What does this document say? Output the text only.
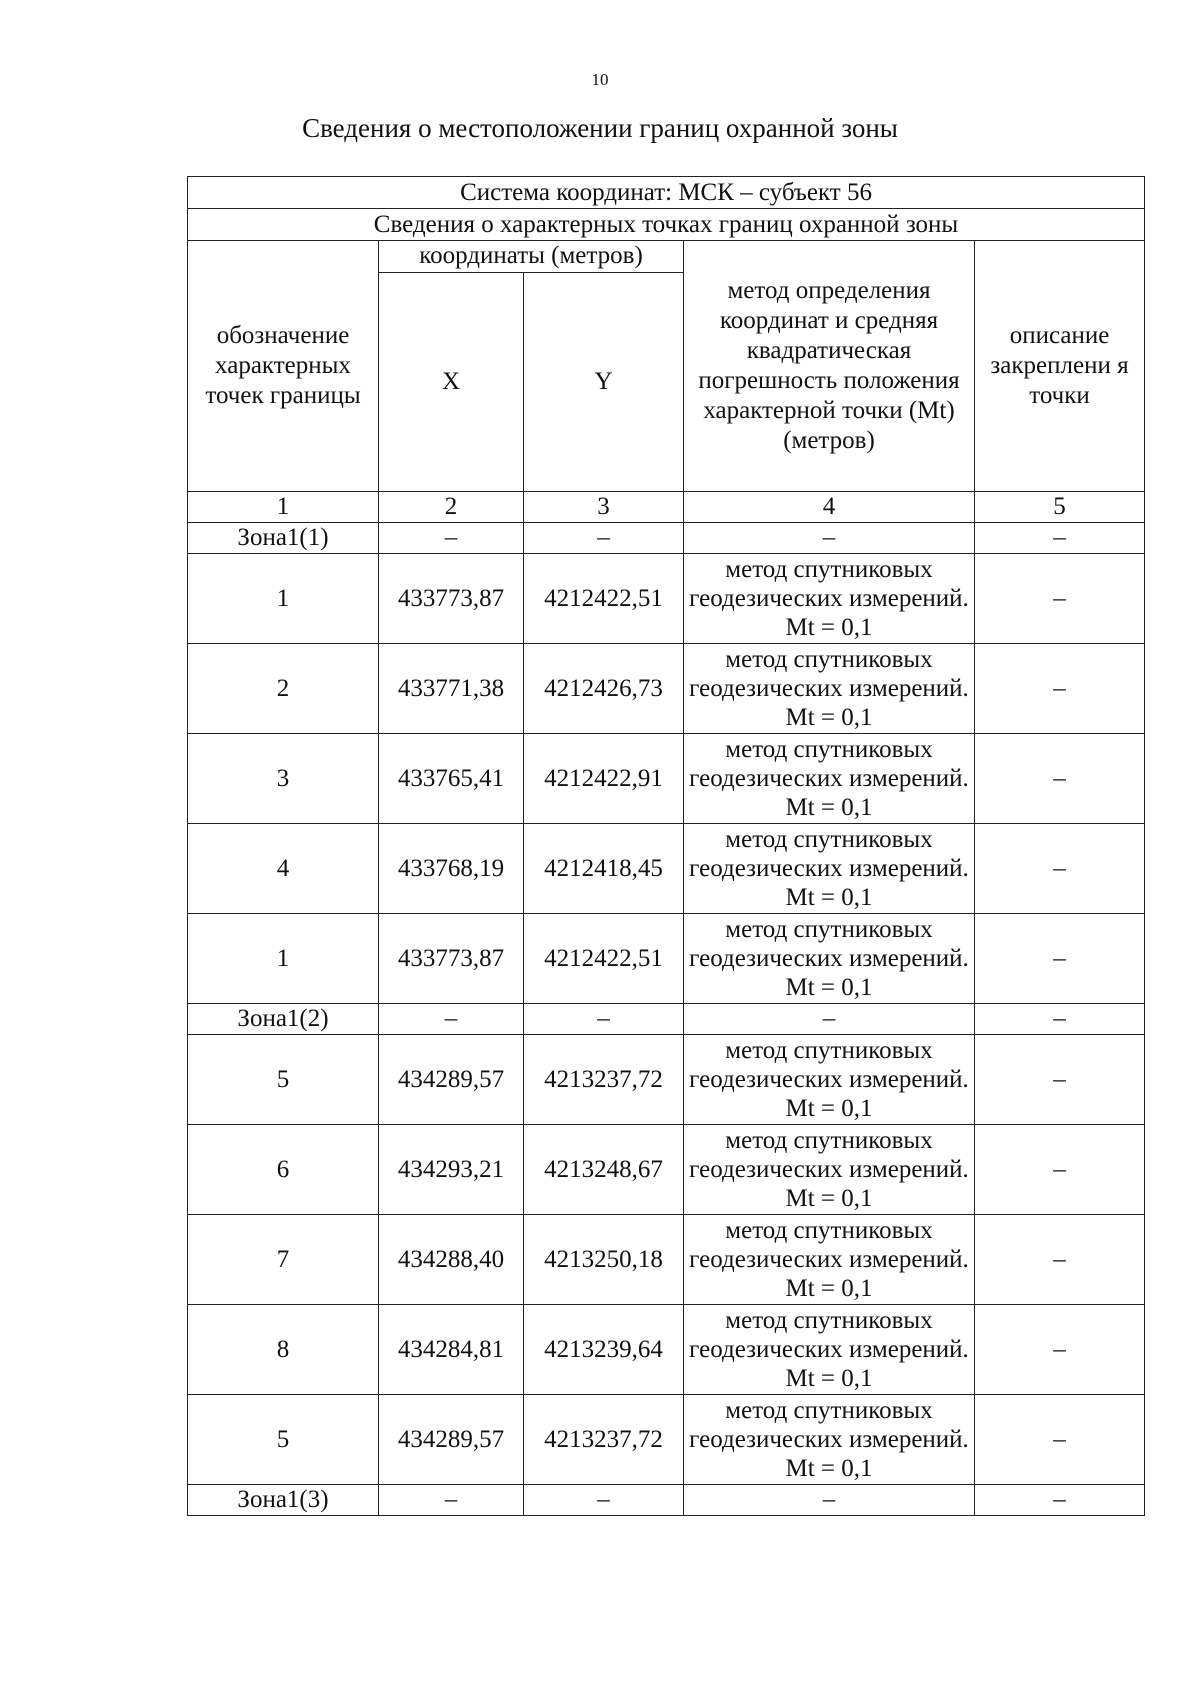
10
Сведения о местоположении границ охранной зоны
Система координат: МСК – субъект 56				
Сведения о характерных точках границ охранной зоны				
обозначение характерных точек границы	координаты (метров)		метод определения координат и средняя квадратическая погрешность положения характерной точки (Mt) (метров)	описание закреплени я точки
	X	Y		
1	2	3	4	5
Зона1(1)	–	–	–	–
1	433773,87	4212422,51	метод спутниковых геодезических измерений. Mt = 0,1	–
2	433771,38	4212426,73	метод спутниковых геодезических измерений. Mt = 0,1	–
3	433765,41	4212422,91	метод спутниковых геодезических измерений. Mt = 0,1	–
4	433768,19	4212418,45	метод спутниковых геодезических измерений. Mt = 0,1	–
1	433773,87	4212422,51	метод спутниковых геодезических измерений. Mt = 0,1	–
Зона1(2)	–	–	–	–
5	434289,57	4213237,72	метод спутниковых геодезических измерений. Mt = 0,1	–
6	434293,21	4213248,67	метод спутниковых геодезических измерений. Mt = 0,1	–
7	434288,40	4213250,18	метод спутниковых геодезических измерений. Mt = 0,1	–
8	434284,81	4213239,64	метод спутниковых геодезических измерений. Mt = 0,1	–
5	434289,57	4213237,72	метод спутниковых геодезических измерений. Mt = 0,1	–
Зона1(3)	–	–	–	–
